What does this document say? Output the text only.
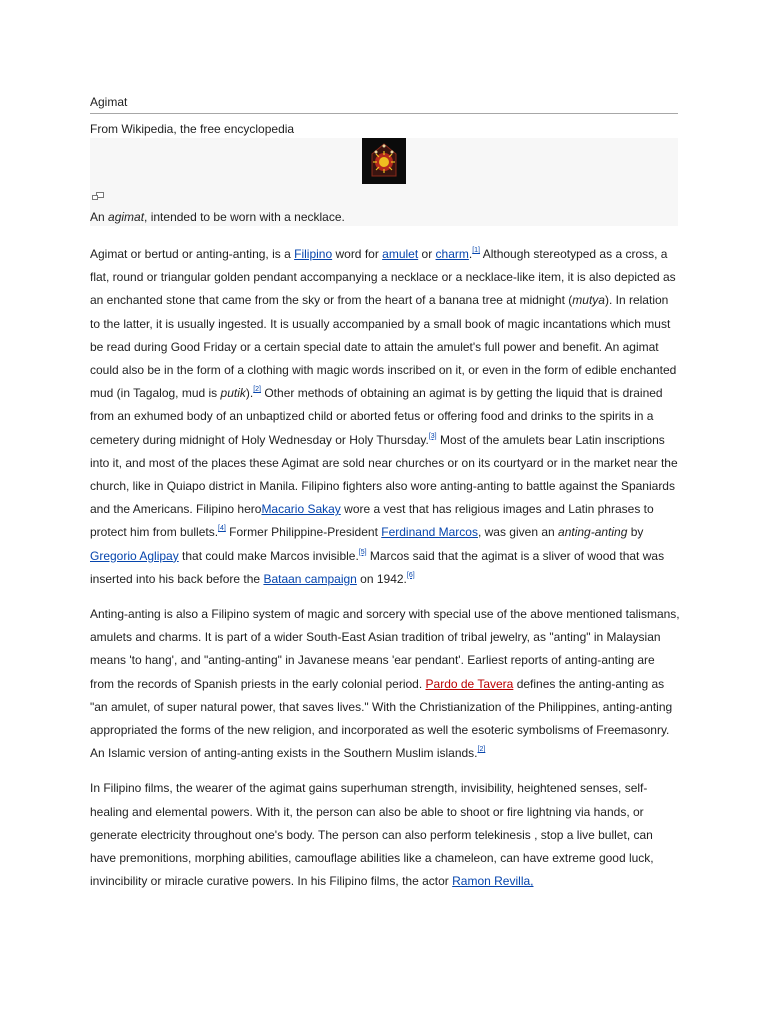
Agimat
From Wikipedia, the free encyclopedia
An agimat, intended to be worn with a necklace.

Agimat or bertud or anting-anting, is a Filipino word for amulet or charm.[1] Although stereotyped as a cross, a flat, round or triangular golden pendant accompanying a necklace or a necklace-like item, it is also depicted as an enchanted stone that came from the sky or from the heart of a banana tree at midnight (mutya). In relation to the latter, it is usually ingested. It is usually accompanied by a small book of magic incantations which must be read during Good Friday or a certain special date to attain the amulet's full power and benefit. An agimat could also be in the form of a clothing with magic words inscribed on it, or even in the form of edible enchanted mud (in Tagalog, mud is putik).[2] Other methods of obtaining an agimat is by getting the liquid that is drained from an exhumed body of an unbaptized child or aborted fetus or offering food and drinks to the spirits in a cemetery during midnight of Holy Wednesday or Holy Thursday.[3] Most of the amulets bear Latin inscriptions into it, and most of the places these Agimat are sold near churches or on its courtyard or in the market near the church, like in Quiapo district in Manila. Filipino fighters also wore anting-anting to battle against the Spaniards and the Americans. Filipino heroMacario Sakay wore a vest that has religious images and Latin phrases to protect him from bullets.[4] Former Philippine-President Ferdinand Marcos, was given an anting-anting by Gregorio Aglipay that could make Marcos invisible.[5] Marcos said that the agimat is a sliver of wood that was inserted into his back before the Bataan campaign on 1942.[6]

Anting-anting is also a Filipino system of magic and sorcery with special use of the above mentioned talismans, amulets and charms. It is part of a wider South-East Asian tradition of tribal jewelry, as "anting" in Malaysian means 'to hang', and "anting-anting" in Javanese means 'ear pendant'. Earliest reports of anting-anting are from the records of Spanish priests in the early colonial period. Pardo de Tavera defines the anting-anting as "an amulet, of super natural power, that saves lives." With the Christianization of the Philippines, anting-anting appropriated the forms of the new religion, and incorporated as well the esoteric symbolisms of Freemasonry. An Islamic version of anting-anting exists in the Southern Muslim islands.[2]

In Filipino films, the wearer of the agimat gains superhuman strength, invisibility, heightened senses, self-healing and elemental powers. With it, the person can also be able to shoot or fire lightning via hands, or generate electricity throughout one's body. The person can also perform telekinesis , stop a live bullet, can have premonitions, morphing abilities, camouflage abilities like a chameleon, can have extreme good luck, invincibility or miracle curative powers. In his Filipino films, the actor Ramon Revilla,
